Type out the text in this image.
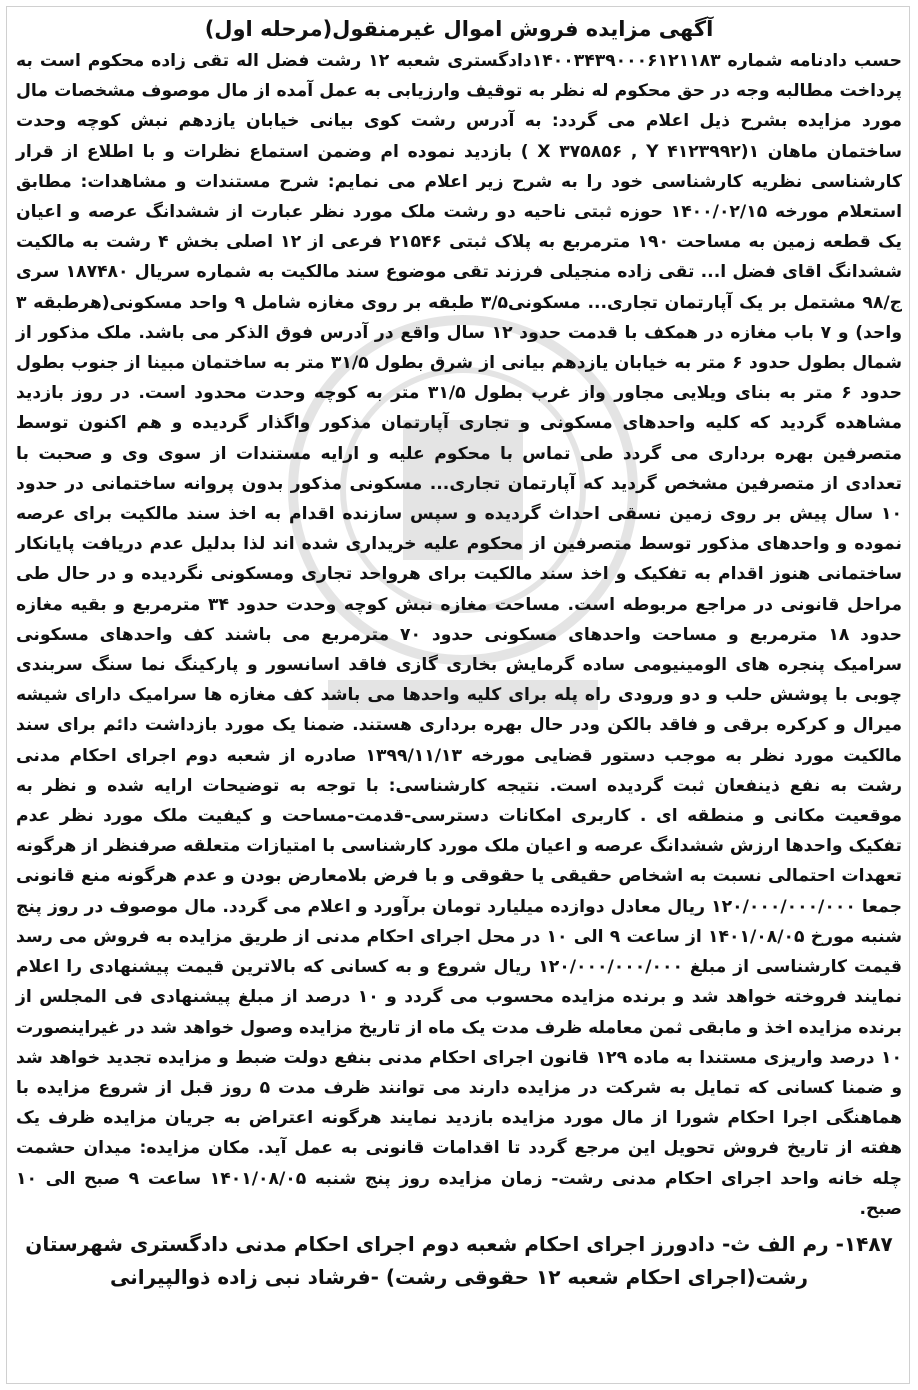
آگهی مزایده فروش اموال غیرمنقول(مرحله اول)

حسب دادنامه شماره ۱۴۰۰۳۴۳۹۰۰۰۶۱۲۱۱۸۳دادگستری شعبه ۱۲ رشت فضل اله تقی زاده محکوم است به پرداخت مطالبه وجه در حق محکوم له نظر به توقیف وارزیابی به عمل آمده از مال موصوف مشخصات مال مورد مزایده بشرح ذیل اعلام می گردد: به آدرس رشت کوی بیانی خیابان یازدهم نبش کوچه وحدت ساختمان ماهان ۱(X ۳۷۵۸۵۶ , Y ۴۱۲۳۹۹۲ ) بازدید نموده ام وضمن استماع نظرات و با اطلاع از قرار کارشناسی نظریه کارشناسی خود را به شرح زیر اعلام می نمایم: شرح مستندات و مشاهدات: مطابق استعلام مورخه ۱۴۰۰/۰۲/۱۵ حوزه ثبتی ناحیه دو رشت ملک مورد نظر عبارت از ششدانگ عرصه و اعیان یک قطعه زمین به مساحت ۱۹۰ مترمربع به پلاک ثبتی ۲۱۵۴۶ فرعی از ۱۲ اصلی بخش ۴ رشت به مالکیت ششدانگ اقای فضل ا... تقی زاده منجیلی فرزند تقی موضوع سند مالکیت به شماره سریال ۱۸۷۴۸۰ سری ج/۹۸ مشتمل بر یک آپارتمان تجاری... مسکونی۳/۵ طبقه بر روی مغازه شامل ۹ واحد مسکونی(هرطبقه ۳ واحد) و ۷ باب مغازه در همکف با قدمت حدود ۱۲ سال واقع در آدرس فوق الذکر می باشد. ملک مذکور از شمال بطول حدود ۶ متر به خیابان یازدهم بیانی از شرق بطول ۳۱/۵ متر به ساختمان مبینا از جنوب بطول حدود ۶ متر به بنای ویلایی مجاور واز غرب بطول ۳۱/۵ متر به کوچه وحدت محدود است. در روز بازدید مشاهده گردید که کلیه واحدهای مسکونی و تجاری آپارتمان مذکور واگذار گردیده و هم اکنون توسط متصرفین بهره برداری می گردد طی تماس با محکوم علیه و ارایه مستندات از سوی وی و صحبت با تعدادی از متصرفین مشخص گردید که آپارتمان تجاری... مسکونی مذکور بدون پروانه ساختمانی در حدود ۱۰ سال پیش بر روی زمین نسقی احداث گردیده و سپس سازنده اقدام به اخذ سند مالکیت برای عرصه نموده و واحدهای مذکور توسط متصرفین از محکوم علیه خریداری شده اند لذا بدلیل عدم دریافت پایانکار ساختمانی هنوز اقدام به تفکیک و اخذ سند مالکیت برای هرواحد تجاری ومسکونی نگردیده و در حال طی مراحل قانونی در مراجع مربوطه است. مساحت مغازه نبش کوچه وحدت حدود ۳۴ مترمربع و بقیه مغازه حدود ۱۸ مترمربع و مساحت واحدهای مسکونی حدود ۷۰ مترمربع می باشند کف واحدهای مسکونی سرامیک پنجره های الومینیومی ساده گرمایش بخاری گازی فاقد اسانسور و پارکینگ نما سنگ سربندی چوبی با پوشش حلب و دو ورودی راه پله برای کلیه واحدها می باشد کف مغازه ها سرامیک دارای شیشه میرال و کرکره برقی و فاقد بالکن ودر حال بهره برداری هستند. ضمنا یک مورد بازداشت دائم برای سند مالکیت مورد نظر به موجب دستور قضایی مورخه ۱۳۹۹/۱۱/۱۳ صادره از شعبه دوم اجرای احکام مدنی رشت به نفع ذینفعان ثبت گردیده است. نتیجه کارشناسی: با توجه به توضیحات ارایه شده و نظر به موقعیت مکانی و منطقه ای . کاربری امکانات دسترسی-قدمت-مساحت و کیفیت ملک مورد نظر عدم تفکیک واحدها ارزش ششدانگ عرصه و اعیان ملک مورد کارشناسی با امتیازات متعلقه صرفنظر از هرگونه تعهدات احتمالی نسبت به اشخاص حقیقی یا حقوقی و با فرض بلامعارض بودن و عدم هرگونه منع قانونی جمعا ۱۲۰/۰۰۰/۰۰۰/۰۰۰ ریال معادل دوازده میلیارد تومان برآورد و اعلام می گردد. مال موصوف در روز پنج شنبه مورخ ۱۴۰۱/۰۸/۰۵ از ساعت ۹ الی ۱۰ در محل اجرای احکام مدنی از طریق مزایده به فروش می رسد قیمت کارشناسی از مبلغ ۱۲۰/۰۰۰/۰۰۰/۰۰۰ ریال شروع و به کسانی که بالاترین قیمت پیشنهادی را اعلام نمایند فروخته خواهد شد و برنده مزایده محسوب می گردد و ۱۰ درصد از مبلغ پیشنهادی فی المجلس از برنده مزایده اخذ و مابقی ثمن معامله ظرف مدت یک ماه از تاریخ مزایده وصول خواهد شد در غیراینصورت ۱۰ درصد واریزی مستندا به ماده ۱۲۹ قانون اجرای احکام مدنی بنفع دولت ضبط و مزایده تجدید خواهد شد و ضمنا کسانی که تمایل به شرکت در مزایده دارند می توانند ظرف مدت ۵ روز قبل از شروع مزایده با هماهنگی اجرا احکام شورا از مال مورد مزایده بازدید نمایند هرگونه اعتراض به جریان مزایده ظرف یک هفته از تاریخ فروش تحویل این مرجع گردد تا اقدامات قانونی به عمل آید. مکان مزایده: میدان حشمت چله خانه واحد اجرای احکام مدنی رشت- زمان مزایده روز پنج شنبه ۱۴۰۱/۰۸/۰۵ ساعت ۹ صبح الی ۱۰ صبح.

۱۴۸۷- رم الف ث- دادورز اجرای احکام شعبه دوم اجرای احکام مدنی دادگستری شهرستان رشت(اجرای احکام شعبه ۱۲ حقوقی رشت) -فرشاد نبی زاده ذوالپیرانی
